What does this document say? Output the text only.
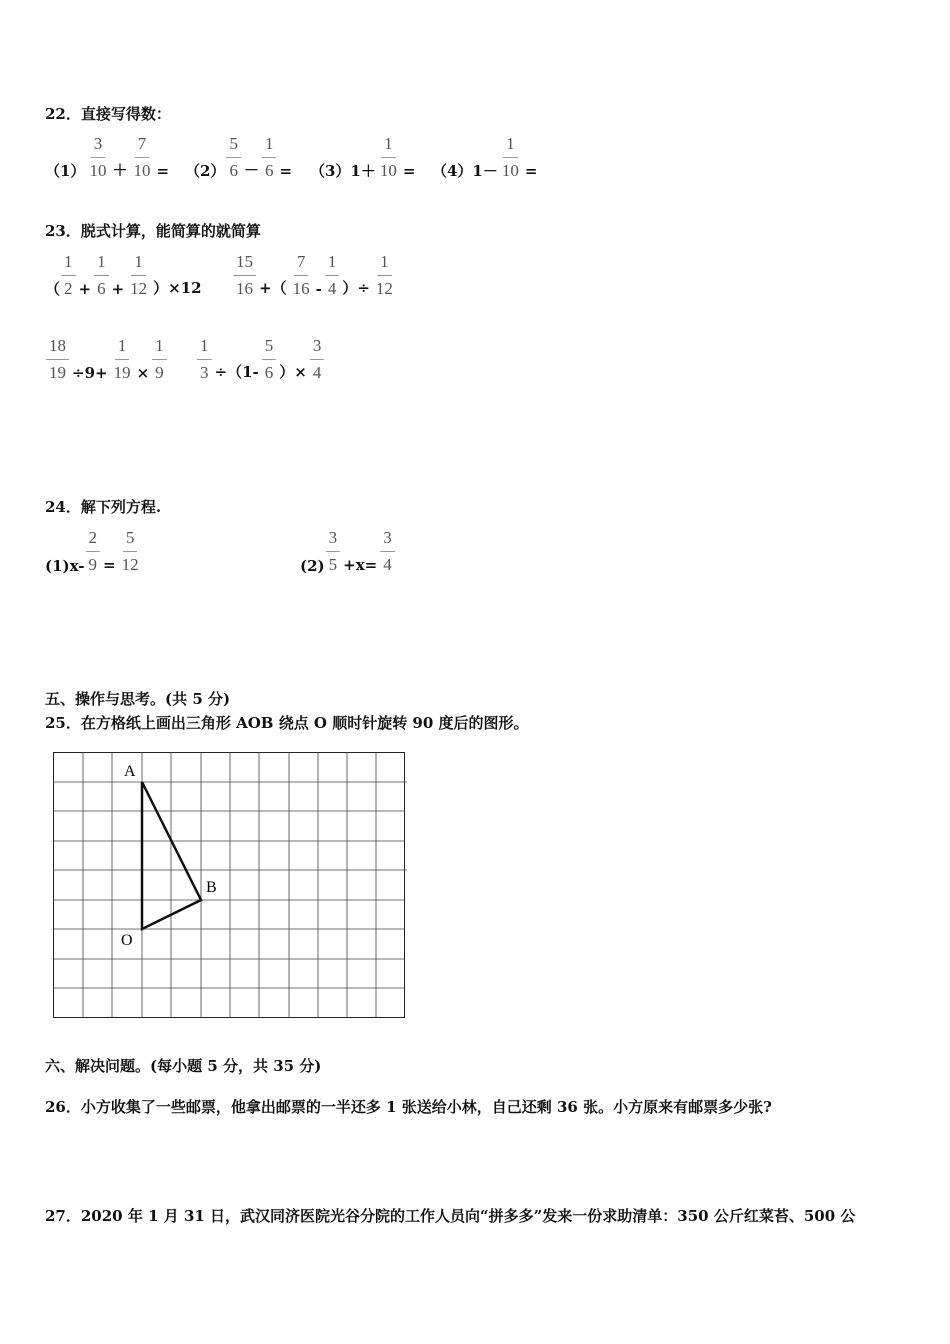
22．直接写得数：
$(1) \frac{3}{10} + \frac{7}{10} = (2) \frac{5}{6} - \frac{1}{6} = (3)1+ \frac{1}{10} = (4)1- \frac{1}{10}$ =
23．脱式计算，能简算的就简算
（ $\frac{1}{2} + \frac{1}{6} + \frac{1}{12} )\times 12 \frac{15}{16}$ +（ $\frac{7}{16} - \frac{1}{4}$ ）÷ $\frac{1}{12}$
$\frac{18}{19} \div 9+ \frac{1}{19} \times \frac{1}{9} \frac{1}{3} \div(1- \frac{5}{6}$ ）× $\frac{3}{4}$
24．解下列方程.
$(1)x- \frac{2}{9} = \frac{5}{12}$	$(2) \frac{3}{5} +x= \frac{3}{4}$
五、操作与思考。(共 5 分)
25．在方格纸上画出三角形 AOB 绕点 O 顺时针旋转 90 度后的图形。
A
B
O
六、解决问题。(每小题 5 分，共 35 分)
26．小方收集了一些邮票，他拿出邮票的一半还多 1 张送给小林，自己还剩 36 张。小方原来有邮票多少张?
27．2020 年 1 月 31 日，武汉同济医院光谷分院的工作人员向“拼多多”发来一份求助清单：350 公斤红菜苔、500 公
